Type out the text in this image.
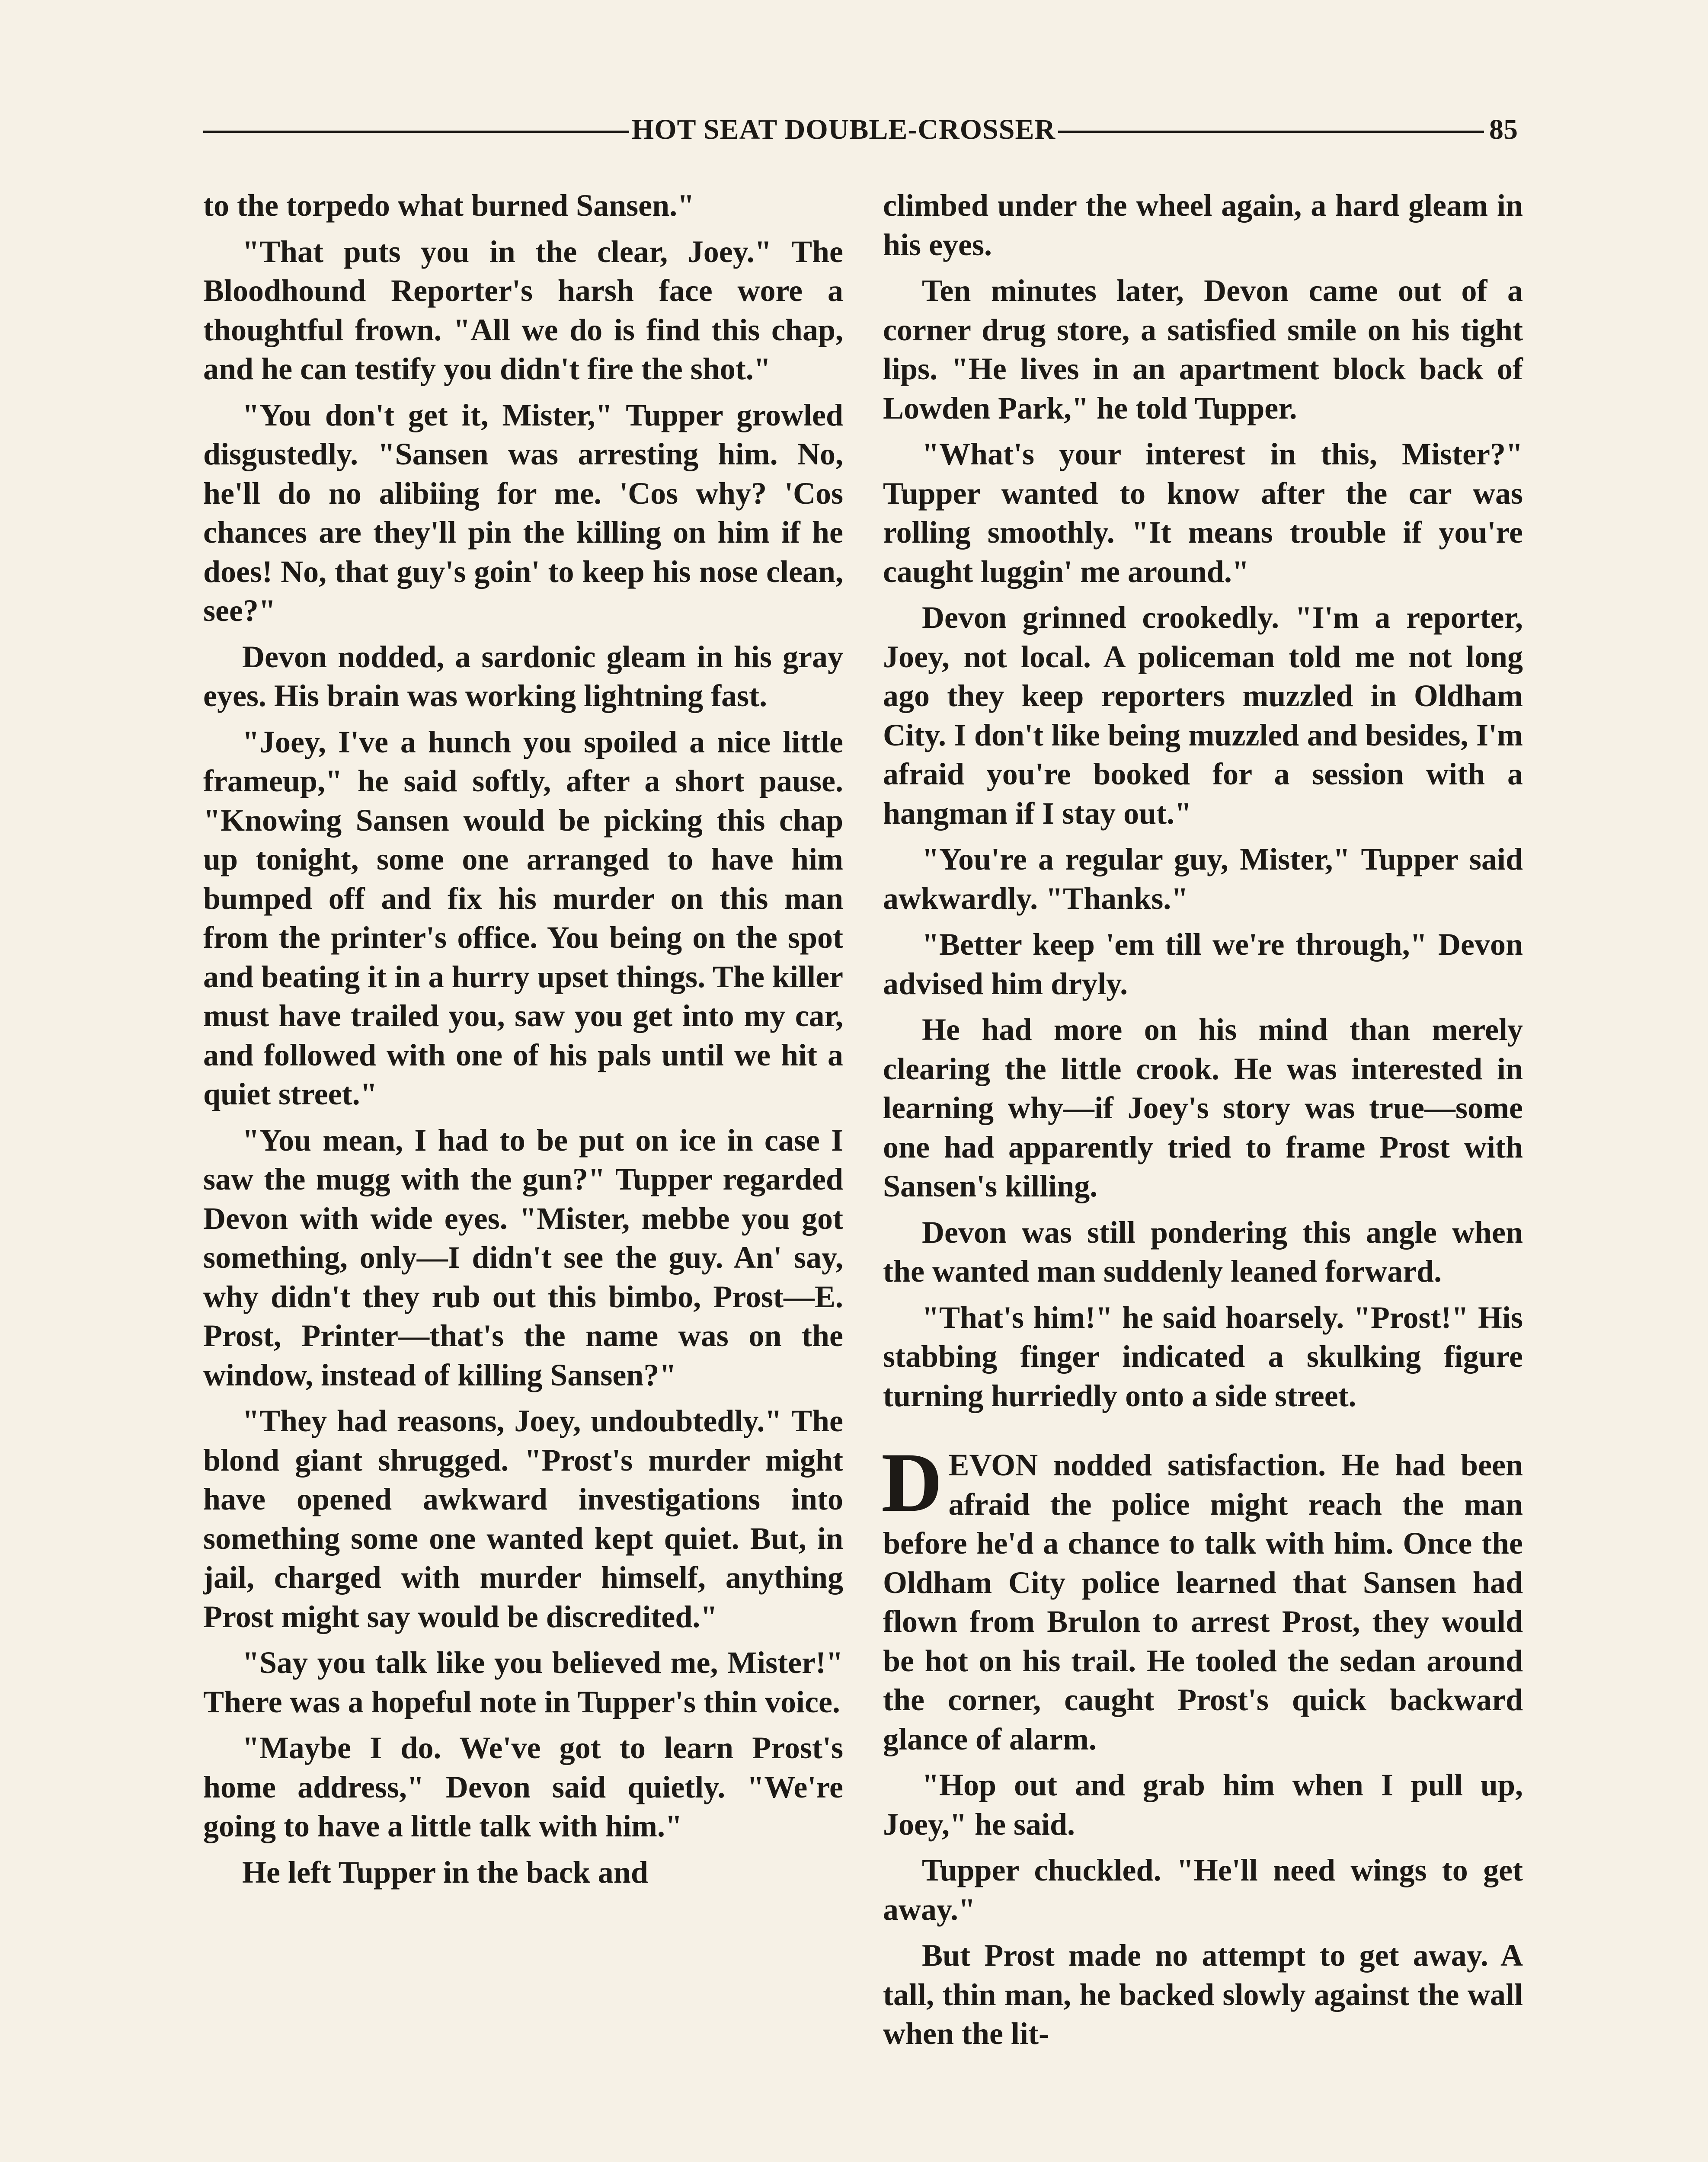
HOT SEAT DOUBLE-CROSSER	85

to the torpedo what burned Sansen."

"That puts you in the clear, Joey." The Bloodhound Reporter's harsh face wore a thoughtful frown. "All we do is find this chap, and he can testify you didn't fire the shot."

"You don't get it, Mister," Tupper growled disgustedly. "Sansen was arresting him. No, he'll do no alibiing for me. 'Cos why? 'Cos chances are they'll pin the killing on him if he does! No, that guy's goin' to keep his nose clean, see?"

Devon nodded, a sardonic gleam in his gray eyes. His brain was working lightning fast.

"Joey, I've a hunch you spoiled a nice little frameup," he said softly, after a short pause. "Knowing Sansen would be picking this chap up tonight, some one arranged to have him bumped off and fix his murder on this man from the printer's office. You being on the spot and beating it in a hurry upset things. The killer must have trailed you, saw you get into my car, and followed with one of his pals until we hit a quiet street."

"You mean, I had to be put on ice in case I saw the mugg with the gun?" Tupper regarded Devon with wide eyes. "Mister, mebbe you got something, only—I didn't see the guy. An' say, why didn't they rub out this bimbo, Prost—E. Prost, Printer—that's the name was on the window, instead of killing Sansen?"

"They had reasons, Joey, undoubtedly." The blond giant shrugged. "Prost's murder might have opened awkward investigations into something some one wanted kept quiet. But, in jail, charged with murder himself, anything Prost might say would be discredited."

"Say you talk like you believed me, Mister!" There was a hopeful note in Tupper's thin voice.

"Maybe I do. We've got to learn Prost's home address," Devon said quietly. "We're going to have a little talk with him."

He left Tupper in the back and

climbed under the wheel again, a hard gleam in his eyes.

Ten minutes later, Devon came out of a corner drug store, a satisfied smile on his tight lips. "He lives in an apartment block back of Lowden Park," he told Tupper.

"What's your interest in this, Mister?" Tupper wanted to know after the car was rolling smoothly. "It means trouble if you're caught luggin' me around."

Devon grinned crookedly. "I'm a reporter, Joey, not local. A policeman told me not long ago they keep reporters muzzled in Oldham City. I don't like being muzzled and besides, I'm afraid you're booked for a session with a hangman if I stay out."

"You're a regular guy, Mister," Tupper said awkwardly. "Thanks."

"Better keep 'em till we're through," Devon advised him dryly.

He had more on his mind than merely clearing the little crook. He was interested in learning why—if Joey's story was true—some one had apparently tried to frame Prost with Sansen's killing.

Devon was still pondering this angle when the wanted man suddenly leaned forward.

"That's him!" he said hoarsely. "Prost!" His stabbing finger indicated a skulking figure turning hurriedly onto a side street.

DEVON nodded satisfaction. He had been afraid the police might reach the man before he'd a chance to talk with him. Once the Oldham City police learned that Sansen had flown from Brulon to arrest Prost, they would be hot on his trail. He tooled the sedan around the corner, caught Prost's quick backward glance of alarm.

"Hop out and grab him when I pull up, Joey," he said.

Tupper chuckled. "He'll need wings to get away."

But Prost made no attempt to get away. A tall, thin man, he backed slowly against the wall when the lit-
